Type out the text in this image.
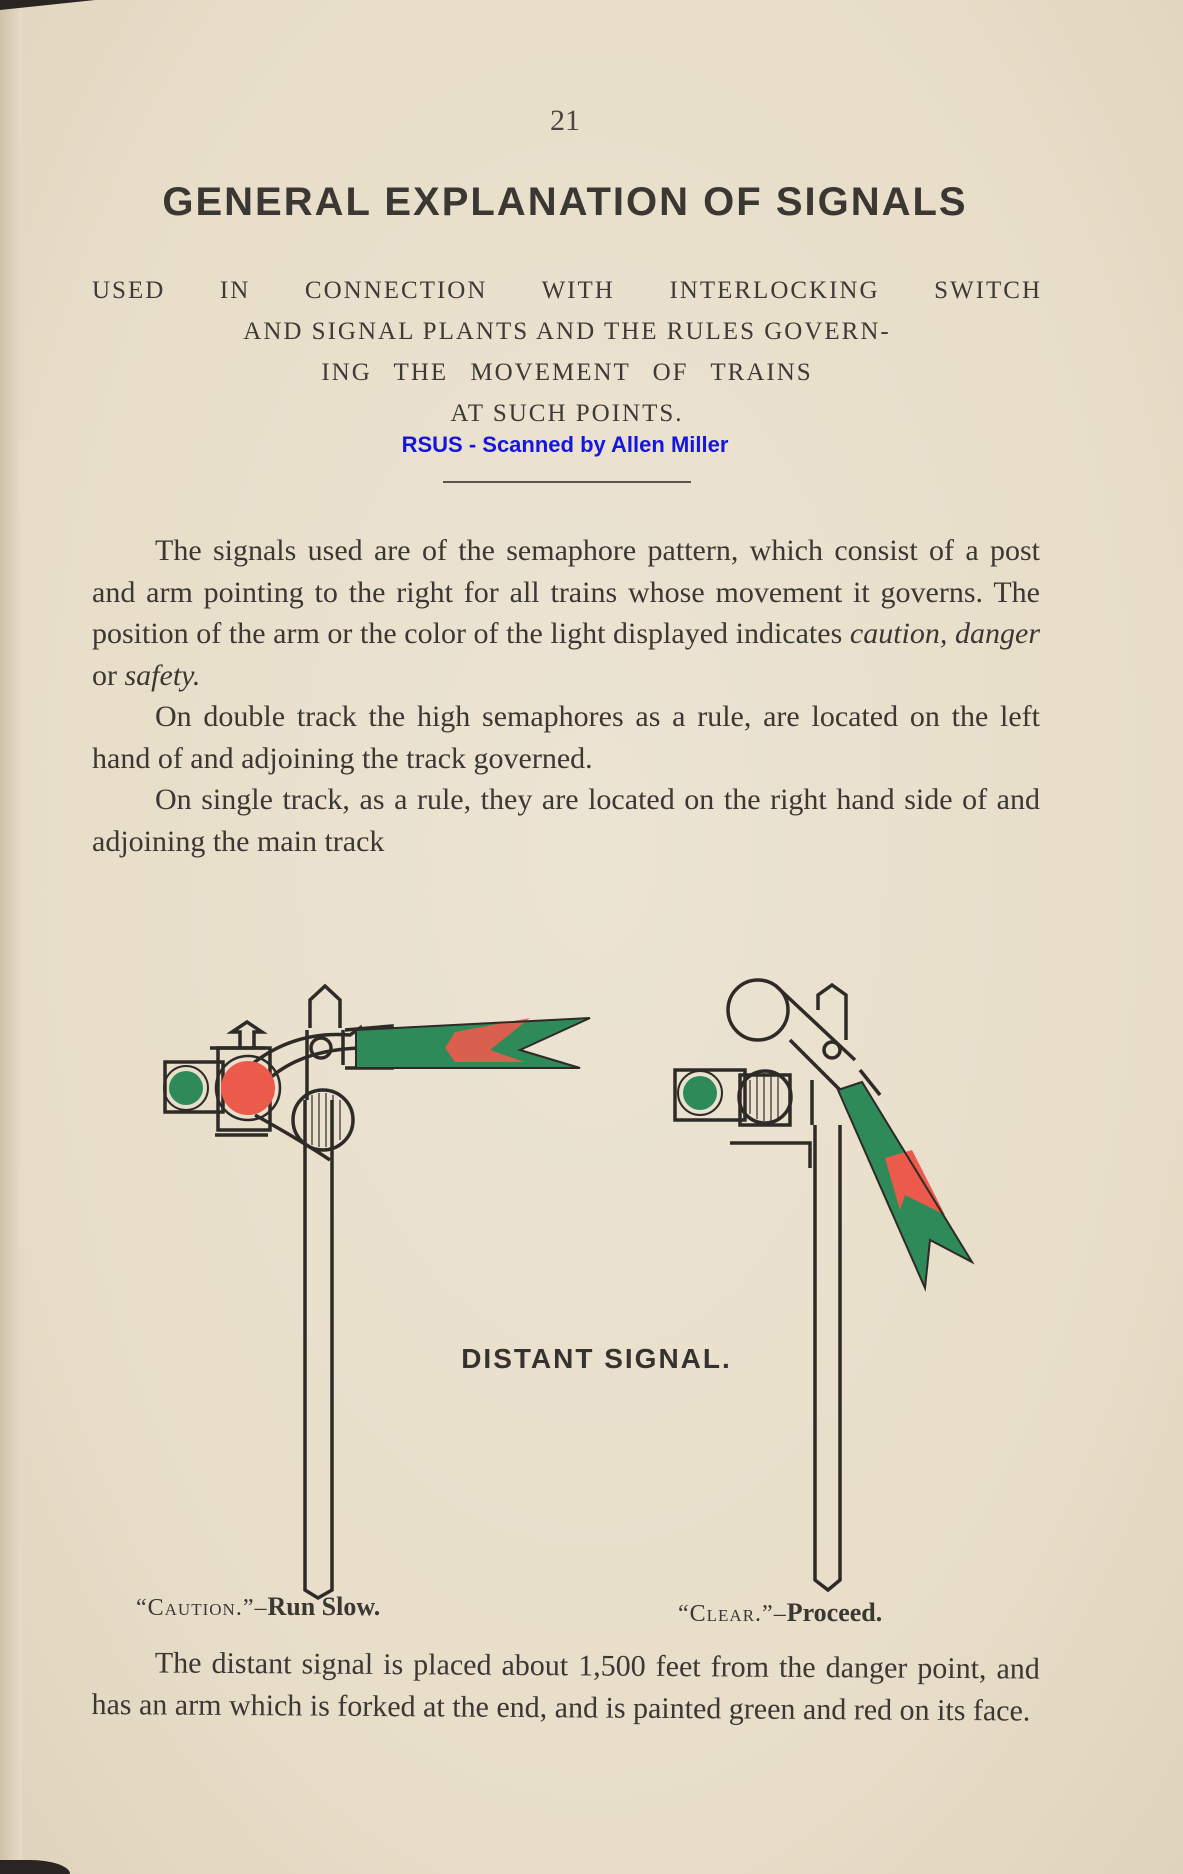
21
GENERAL EXPLANATION OF SIGNALS
USED IN CONNECTION WITH INTERLOCKING SWITCH
AND SIGNAL PLANTS AND THE RULES GOVERN-
ING THE MOVEMENT OF TRAINS
AT SUCH POINTS.
RSUS - Scanned by Allen Miller

The signals used are of the semaphore pattern, which consist of a post and arm pointing to the right for all trains whose movement it governs. The position of the arm or the color of the light displayed indicates caution, danger or safety.

On double track the high semaphores as a rule, are located on the left hand of and adjoining the track governed.

On single track, as a rule, they are located on the right hand side of and adjoining the main track

DISTANT SIGNAL.
“Caution.”–Run Slow.	“Clear.”–Proceed.

The distant signal is placed about 1,500 feet from the danger point, and has an arm which is forked at the end, and is painted green and red on its face.
